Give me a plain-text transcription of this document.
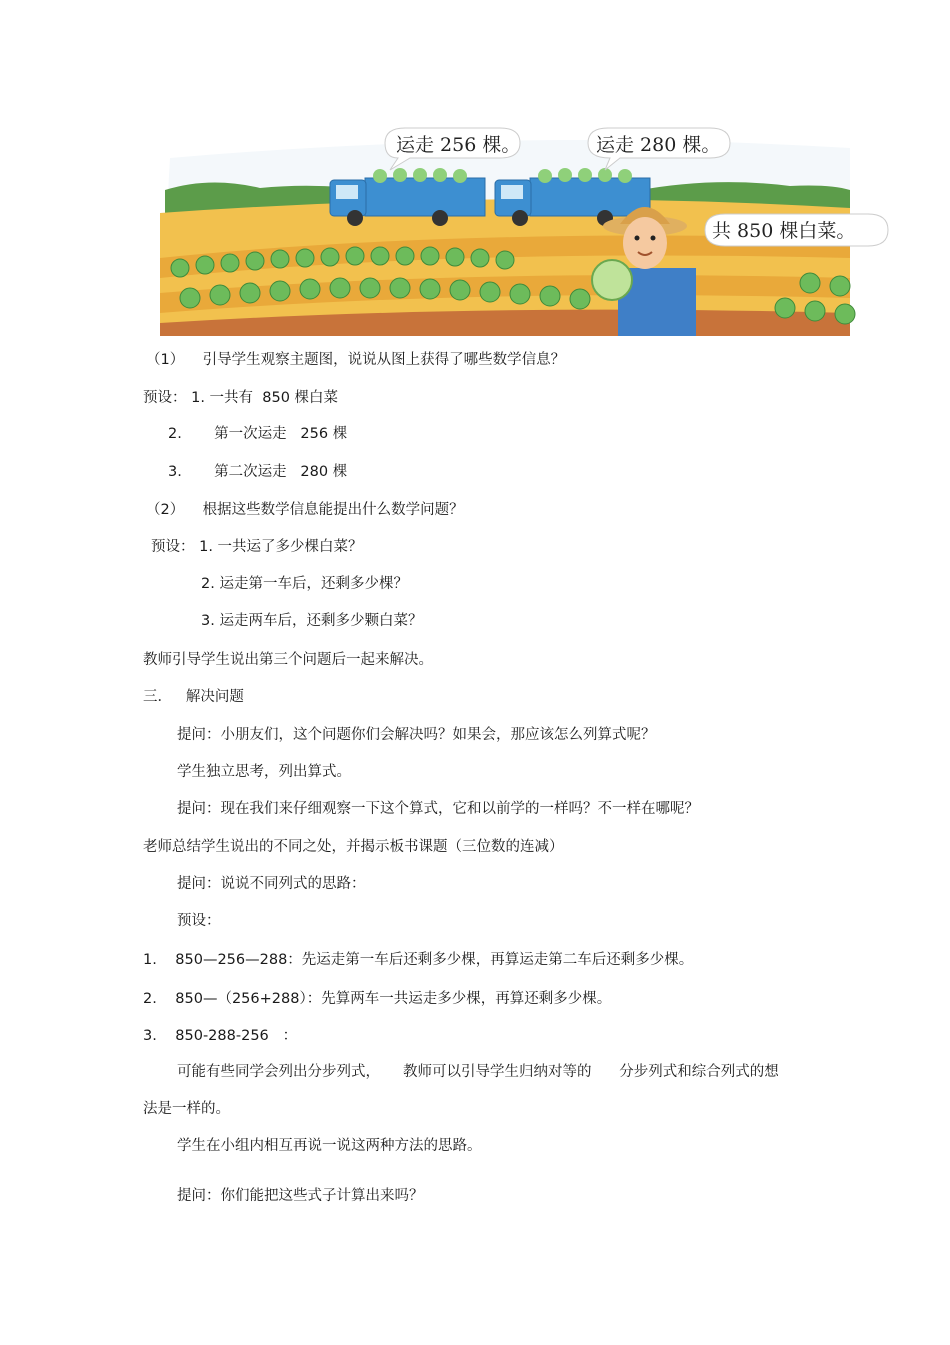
运走 256 棵。	运走 280 棵。
共 850 棵白菜。
（1）    引导学生观察主题图，说说从图上获得了哪些数学信息？
预设： 1. 一共有  850 棵白菜
2.       第一次运走   256 棵
3.       第二次运走   280 棵
（2）    根据这些数学信息能提出什么数学问题？
预设： 1. 一共运了多少棵白菜？
2. 运走第一车后，还剩多少棵？
3. 运走两车后，还剩多少颗白菜？
教师引导学生说出第三个问题后一起来解决。
三．   解决问题
提问：小朋友们，这个问题你们会解决吗？如果会，那应该怎么列算式呢？
学生独立思考，列出算式。
提问：现在我们来仔细观察一下这个算式，它和以前学的一样吗？不一样在哪呢？
老师总结学生说出的不同之处，并揭示板书课题（三位数的连减）
提问：说说不同列式的思路：
预设：
1.    850—256—288：先运走第一车后还剩多少棵，再算运走第二车后还剩多少棵。
2.    850—（256+288）：先算两车一共运走多少棵，再算还剩多少棵。
3.    850-288-256   ：
可能有些同学会列出分步列式，     教师可以引导学生归纳对等的      分步列式和综合列式的想
法是一样的。
学生在小组内相互再说一说这两种方法的思路。
提问：你们能把这些式子计算出来吗？
